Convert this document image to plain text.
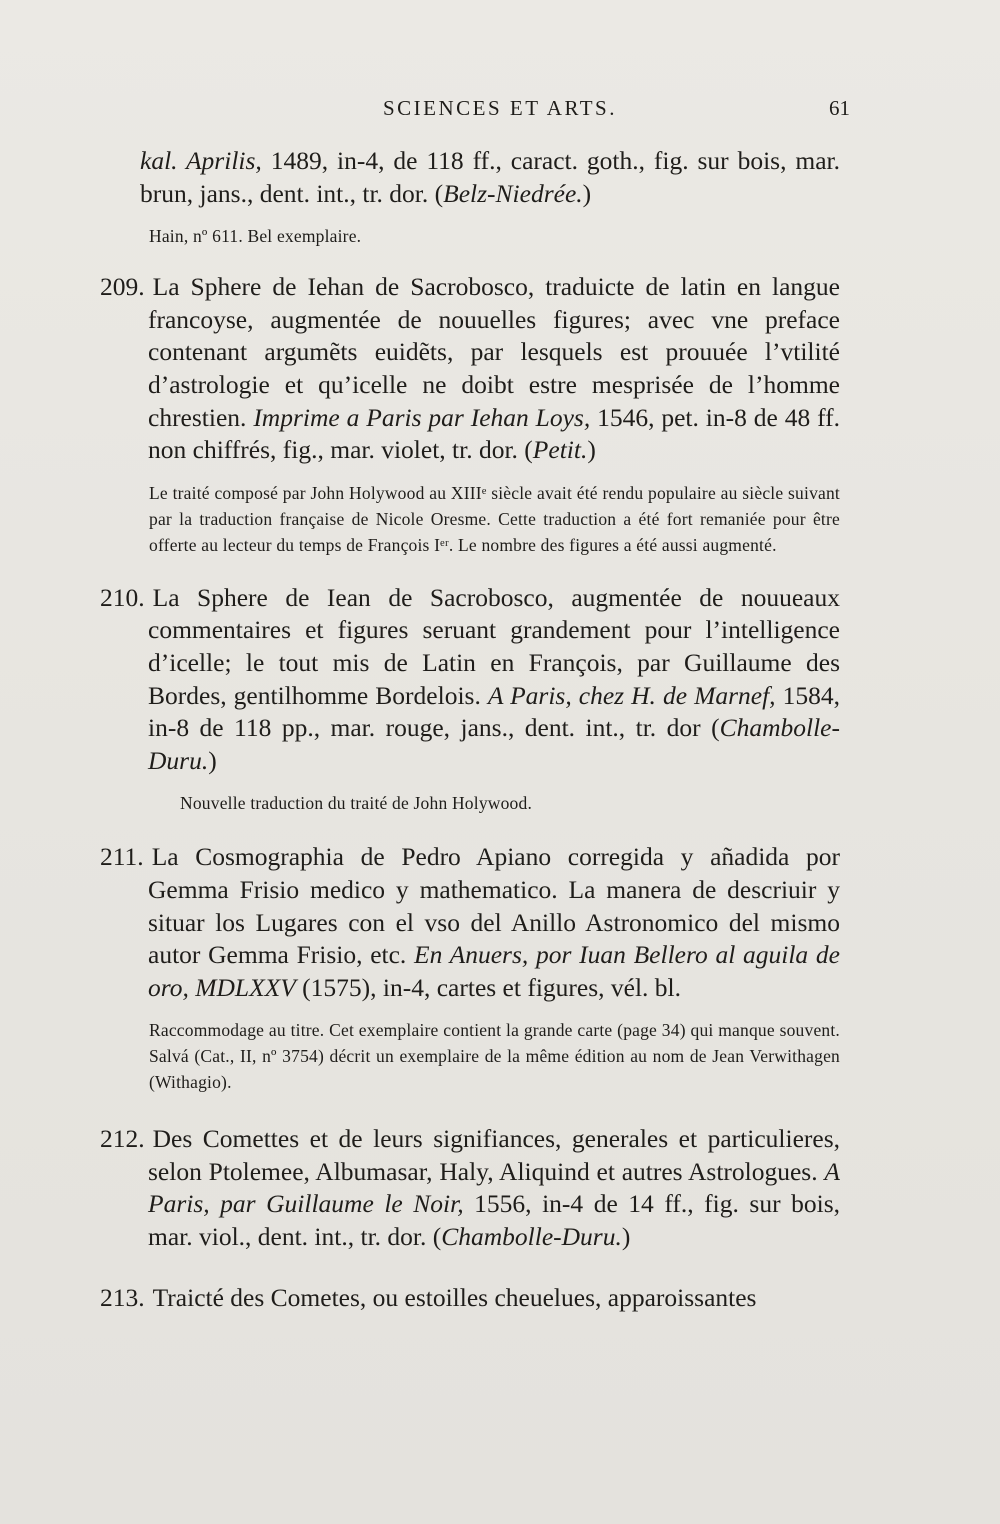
SCIENCES ET ARTS.	61
kal. Aprilis, 1489, in-4, de 118 ff., caract. goth., fig. sur bois, mar. brun, jans., dent. int., tr. dor. (Belz-Niedrée.)
Hain, nº 611. Bel exemplaire.
209. La Sphere de Iehan de Sacrobosco, traduicte de latin en langue francoyse, augmentée de nouuelles figures; avec vne preface contenant argumẽts euidẽts, par lesquels est prouuée l’vtilité d’astrologie et qu’icelle ne doibt estre mesprisée de l’homme chrestien. Imprime a Paris par Iehan Loys, 1546, pet. in-8 de 48 ff. non chiffrés, fig., mar. violet, tr. dor. (Petit.)
Le traité composé par John Holywood au XIIIᵉ siècle avait été rendu populaire au siècle suivant par la traduction française de Nicole Oresme. Cette traduction a été fort remaniée pour être offerte au lecteur du temps de François Iᵉʳ. Le nombre des figures a été aussi augmenté.
210. La Sphere de Iean de Sacrobosco, augmentée de nouueaux commentaires et figures seruant grandement pour l’intelligence d’icelle; le tout mis de Latin en François, par Guillaume des Bordes, gentilhomme Bordelois. A Paris, chez H. de Marnef, 1584, in-8 de 118 pp., mar. rouge, jans., dent. int., tr. dor (Chambolle-Duru.)
Nouvelle traduction du traité de John Holywood.
211. La Cosmographia de Pedro Apiano corregida y añadida por Gemma Frisio medico y mathematico. La manera de descriuir y situar los Lugares con el vso del Anillo Astronomico del mismo autor Gemma Frisio, etc. En Anuers, por Iuan Bellero al aguila de oro, MDLXXV (1575), in-4, cartes et figures, vél. bl.
Raccommodage au titre. Cet exemplaire contient la grande carte (page 34) qui manque souvent. Salvá (Cat., II, nº 3754) décrit un exemplaire de la même édition au nom de Jean Verwithagen (Withagio).
212. Des Comettes et de leurs signifiances, generales et particulieres, selon Ptolemee, Albumasar, Haly, Aliquind et autres Astrologues. A Paris, par Guillaume le Noir, 1556, in-4 de 14 ff., fig. sur bois, mar. viol., dent. int., tr. dor. (Chambolle-Duru.)
213. Traicté des Cometes, ou estoilles cheuelues, apparoissantes
